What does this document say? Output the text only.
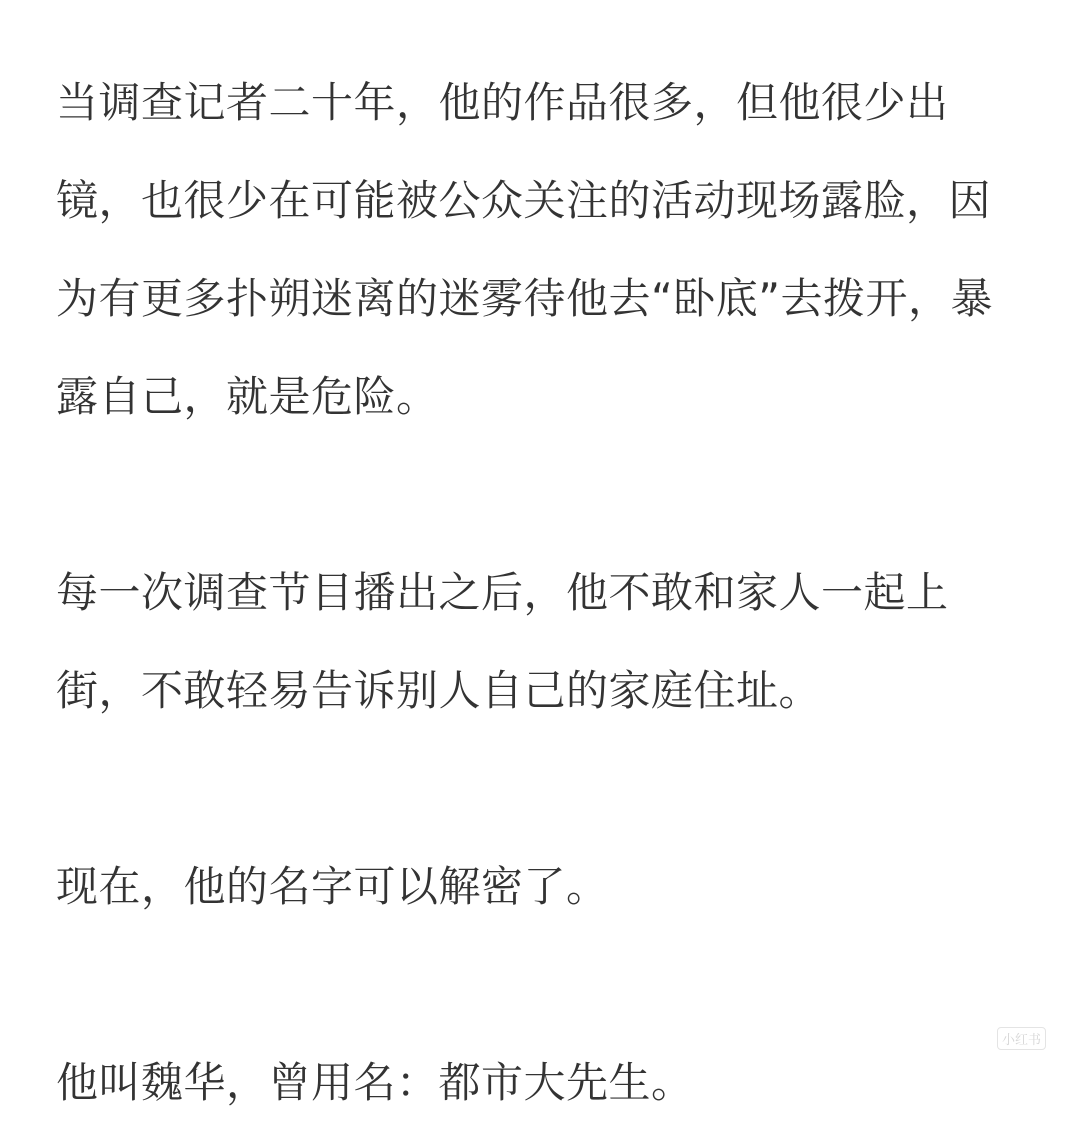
当调查记者二十年，他的作品很多，但他很少出
镜，也很少在可能被公众关注的活动现场露脸，因
为有更多扑朔迷离的迷雾待他去“卧底”去拨开，暴
露自己，就是危险。

每一次调查节目播出之后，他不敢和家人一起上
街，不敢轻易告诉别人自己的家庭住址。

现在，他的名字可以解密了。

他叫魏华，曾用名：都市大先生。

小红书
